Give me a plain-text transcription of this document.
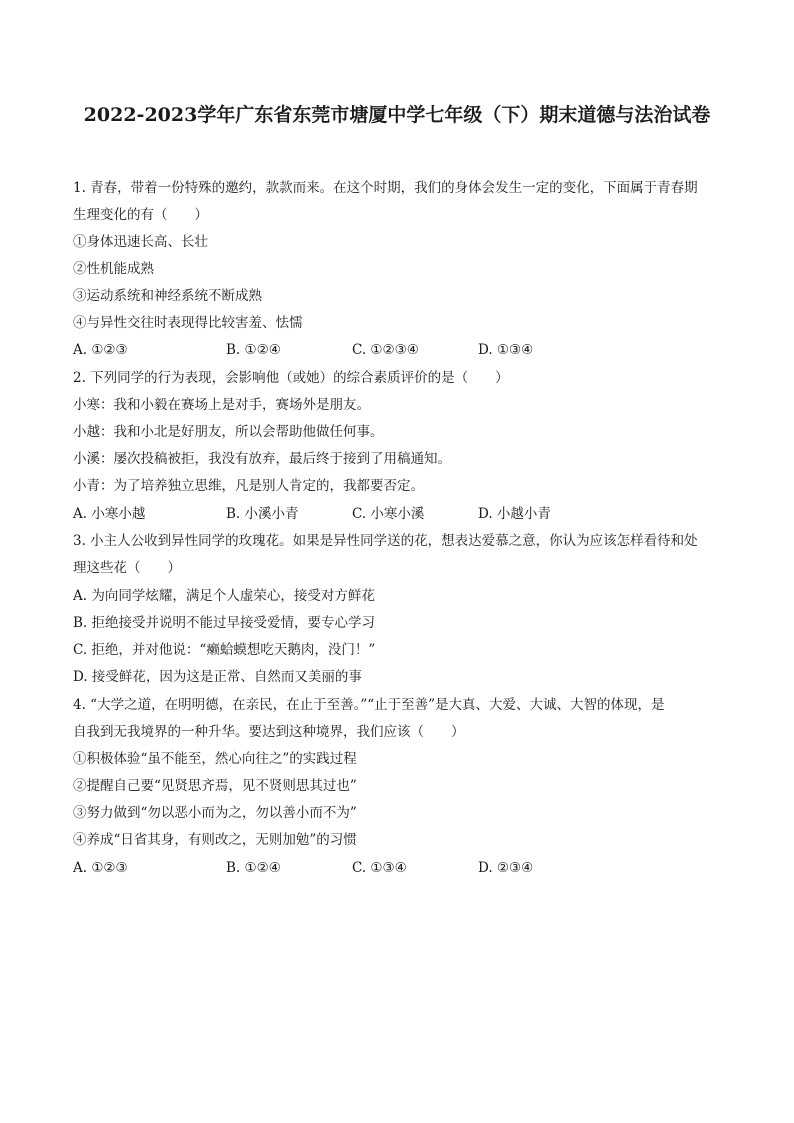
2022-2023学年广东省东莞市塘厦中学七年级（下）期末道德与法治试卷
1. 青春，带着一份特殊的邀约，款款而来。在这个时期，我们的身体会发生一定的变化，下面属于青春期
生理变化的有（　　）
①身体迅速长高、长壮
②性机能成熟
③运动系统和神经系统不断成熟
④与异性交往时表现得比较害羞、怯懦
A. ①②③	B. ①②④	C. ①②③④	D. ①③④
2. 下列同学的行为表现，会影响他（或她）的综合素质评价的是（　　）
小寒：我和小毅在赛场上是对手，赛场外是朋友。
小越：我和小北是好朋友，所以会帮助他做任何事。
小溪：屡次投稿被拒，我没有放弃，最后终于接到了用稿通知。
小青：为了培养独立思维，凡是别人肯定的，我都要否定。
A. 小寒小越	B. 小溪小青	C. 小寒小溪	D. 小越小青
3. 小主人公收到异性同学的玫瑰花。如果是异性同学送的花，想表达爱慕之意，你认为应该怎样看待和处
理这些花（　　）
A. 为向同学炫耀，满足个人虚荣心，接受对方鲜花
B. 拒绝接受并说明不能过早接受爱情，要专心学习
C. 拒绝，并对他说：“癞蛤蟆想吃天鹅肉，没门！”
D. 接受鲜花，因为这是正常、自然而又美丽的事
4. “大学之道，在明明德，在亲民，在止于至善。”“止于至善”是大真、大爱、大诚、大智的体现，是
自我到无我境界的一种升华。要达到这种境界，我们应该（　　）
①积极体验“虽不能至，然心向往之”的实践过程
②提醒自己要“见贤思齐焉，见不贤则思其过也”
③努力做到“勿以恶小而为之，勿以善小而不为”
④养成“日省其身，有则改之，无则加勉”的习惯
A. ①②③	B. ①②④	C. ①③④	D. ②③④
